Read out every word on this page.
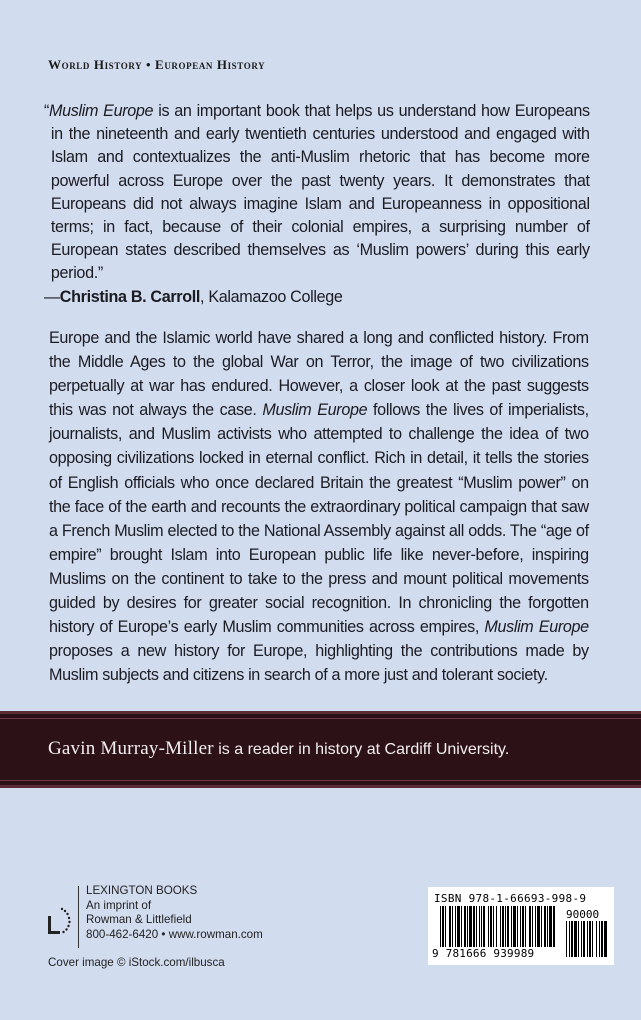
World History • European History

“Muslim Europe is an important book that helps us understand how Europeans in the nineteenth and early twentieth centuries understood and engaged with Islam and contextualizes the anti-Muslim rhetoric that has become more powerful across Europe over the past twenty years. It demonstrates that Europeans did not always imagine Islam and Europeanness in oppositional terms; in fact, because of their colonial empires, a surprising number of European states described themselves as ‘Muslim powers’ during this early period.”

—Christina B. Carroll, Kalamazoo College

Europe and the Islamic world have shared a long and conflicted history. From the Middle Ages to the global War on Terror, the image of two civilizations perpetually at war has endured. However, a closer look at the past suggests this was not always the case. Muslim Europe follows the lives of imperialists, journalists, and Muslim activists who attempted to challenge the idea of two opposing civilizations locked in eternal conflict. Rich in detail, it tells the stories of English officials who once declared Britain the greatest “Muslim power” on the face of the earth and recounts the extraordinary political campaign that saw a French Muslim elected to the National Assembly against all odds. The “age of empire” brought Islam into European public life like never-before, inspiring Muslims on the continent to take to the press and mount political movements guided by desires for greater social recognition. In chronicling the forgotten history of Europe’s early Muslim communities across empires, Muslim Europe proposes a new history for Europe, highlighting the contributions made by Muslim subjects and citizens in search of a more just and tolerant society.

Gavin Murray-Miller is a reader in history at Cardiff University.
LEXINGTON BOOKS
An imprint of
Rowman & Littlefield
800-462-6420 • www.rowman.com
Cover image © iStock.com/ilbusca
ISBN 978-1-66693-998-9
90000
9 781666 939989
